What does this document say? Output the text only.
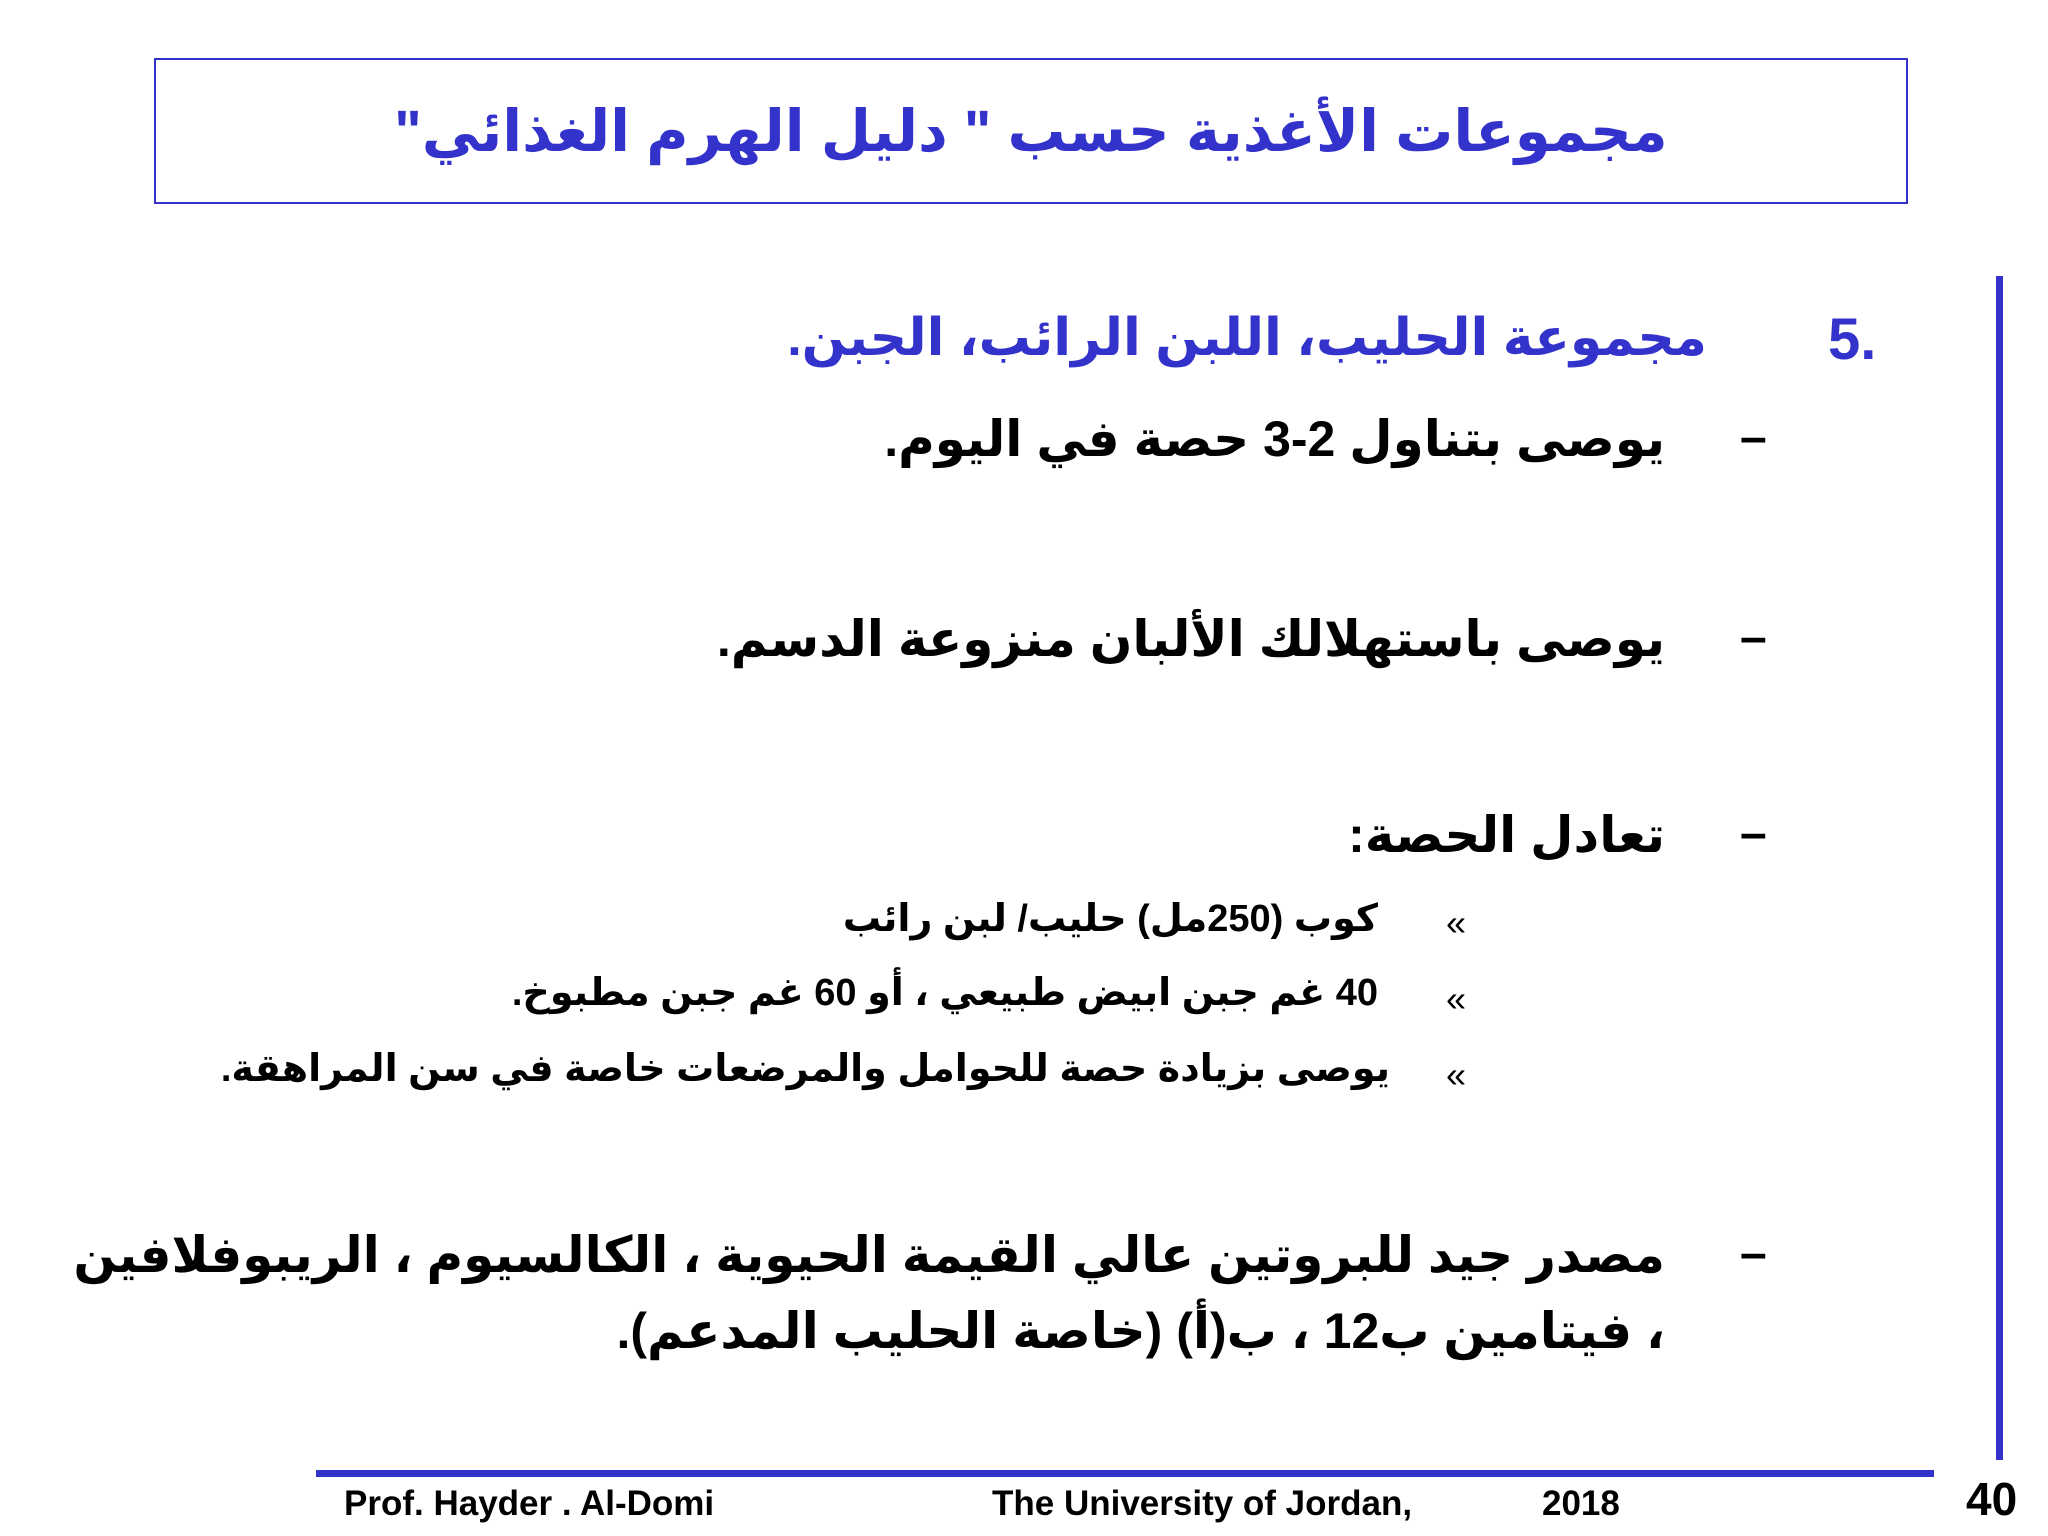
مجموعات الأغذية حسب " دليل الهرم الغذائي"
5.
مجموعة الحليب، اللبن الرائب، الجبن.
–
يوصى بتناول 2-3 حصة في اليوم.
–
يوصى باستهلالك الألبان منزوعة الدسم.
–
تعادل الحصة:
«
كوب (250مل) حليب/ لبن رائب
«
40 غم جبن ابيض طبيعي ، أو 60 غم جبن مطبوخ.
«
يوصى بزيادة حصة للحوامل والمرضعات خاصة في سن المراهقة.
–
مصدر جيد للبروتين عالي القيمة الحيوية ، الكالسيوم ، الريبوفلافين
، فيتامين ب12 ، ب(أ) (خاصة الحليب المدعم).
Prof. Hayder . Al-Domi	The University of Jordan,	2018	40
